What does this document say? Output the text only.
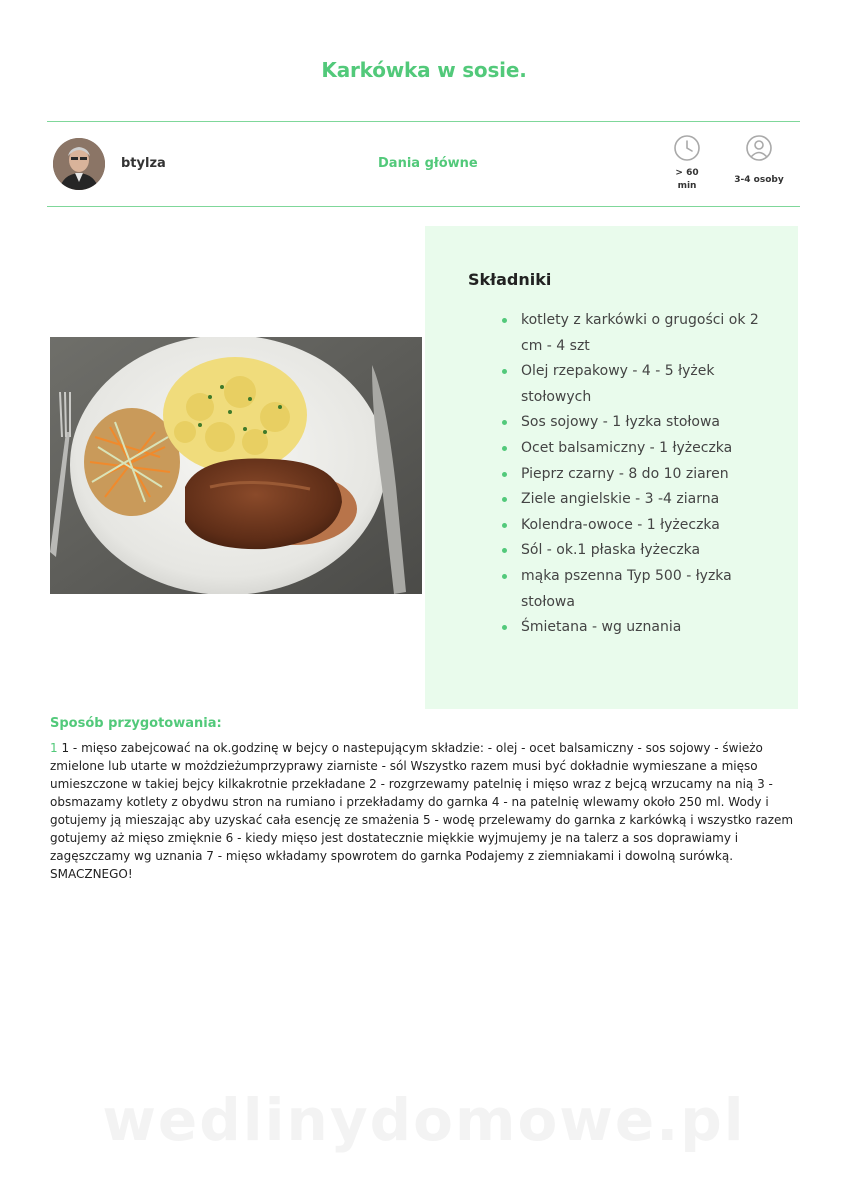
Karkówka w sosie.
btylza	Dania główne
> 60 min
3-4 osoby
Składniki
kotlety z karkówki o grugości ok 2 cm - 4 szt
Olej rzepakowy - 4 - 5 łyżek stołowych
Sos sojowy - 1 łyzka stołowa
Ocet balsamiczny - 1 łyżeczka
Pieprz czarny - 8 do 10 ziaren
Ziele angielskie - 3 -4 ziarna
Kolendra-owoce - 1 łyżeczka
Sól - ok.1 płaska łyżeczka
mąka pszenna Typ 500 - łyzka stołowa
Śmietana - wg uznania
Sposób przygotowania:

1 1 - mięso zabejcować na ok.godzinę w bejcy o nastepującym składzie: - olej - ocet balsamiczny - sos sojowy - świeżo zmielone lub utarte w możdzieżumprzyprawy ziarniste - sól Wszystko razem musi być dokładnie wymieszane a mięso umieszczone w takiej bejcy kilkakrotnie przekładane 2 - rozgrzewamy patelnię i mięso wraz z bejcą wrzucamy na nią 3 - obsmazamy kotlety z obydwu stron na rumiano i przekładamy do garnka 4 - na patelnię wlewamy około 250 ml. Wody i gotujemy ją mieszając aby uzyskać cała esencję ze smażenia 5 - wodę przelewamy do garnka z karkówką i wszystko razem gotujemy aż mięso zmięknie 6 - kiedy mięso jest dostatecznie miękkie wyjmujemy je na talerz a sos doprawiamy i zagęszczamy wg uznania 7 - mięso wkładamy spowrotem do garnka Podajemy z ziemniakami i dowolną surówką. SMACZNEGO!

wedlinydomowe.pl
